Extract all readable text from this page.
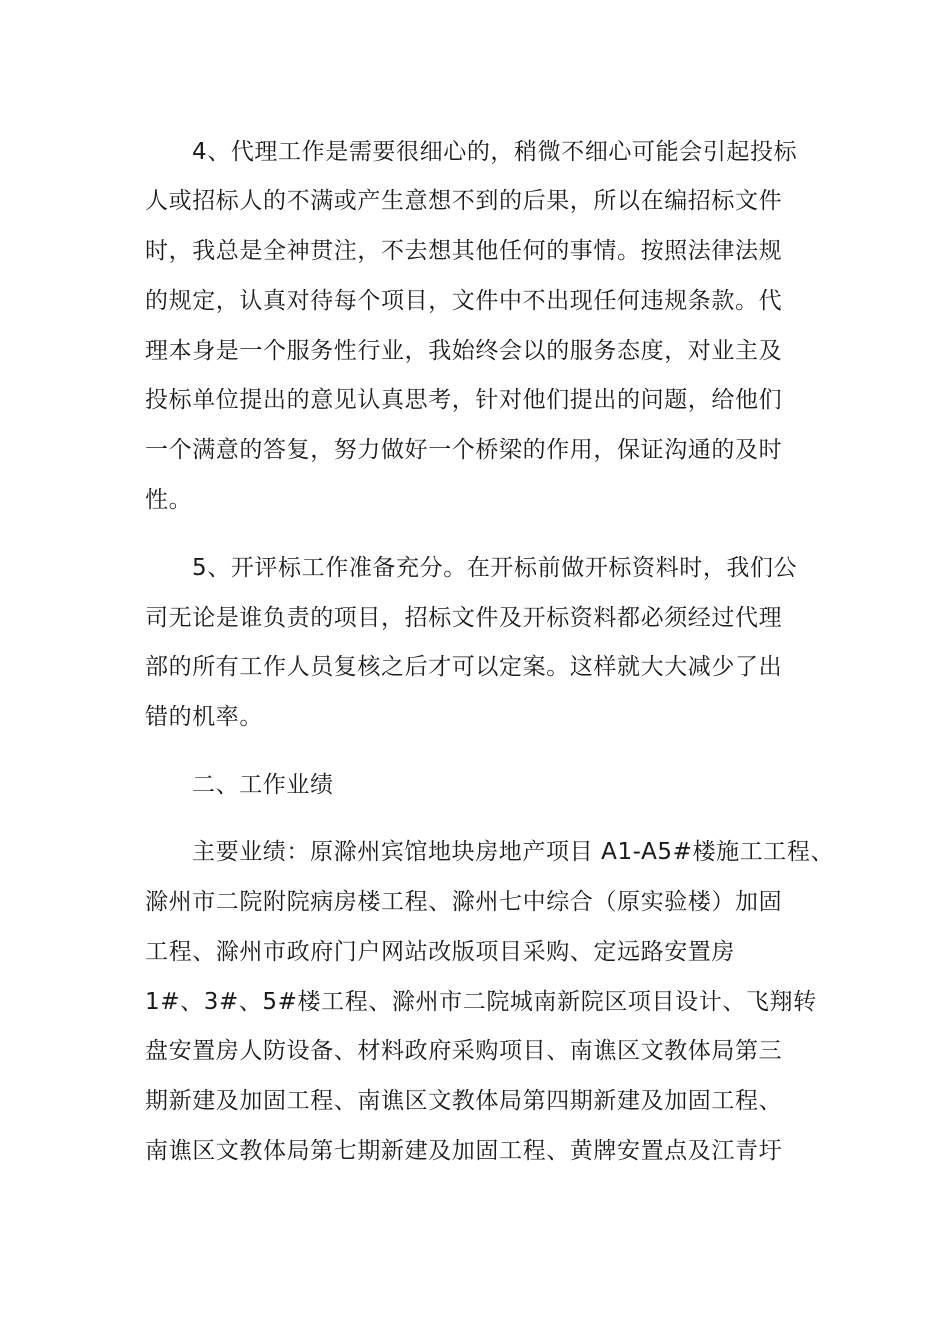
4、代理工作是需要很细心的，稍微不细心可能会引起投标
人或招标人的不满或产生意想不到的后果，所以在编招标文件
时，我总是全神贯注，不去想其他任何的事情。按照法律法规
的规定，认真对待每个项目，文件中不出现任何违规条款。代
理本身是一个服务性行业，我始终会以的服务态度，对业主及
投标单位提出的意见认真思考，针对他们提出的问题，给他们
一个满意的答复，努力做好一个桥梁的作用，保证沟通的及时
性。
5、开评标工作准备充分。在开标前做开标资料时，我们公
司无论是谁负责的项目，招标文件及开标资料都必须经过代理
部的所有工作人员复核之后才可以定案。这样就大大减少了出
错的机率。
二、工作业绩
主要业绩：原滁州宾馆地块房地产项目 A1-A5#楼施工工程、
滁州市二院附院病房楼工程、滁州七中综合（原实验楼）加固
工程、滁州市政府门户网站改版项目采购、定远路安置房
1#、3#、5#楼工程、滁州市二院城南新院区项目设计、飞翔转
盘安置房人防设备、材料政府采购项目、南谯区文教体局第三
期新建及加固工程、南谯区文教体局第四期新建及加固工程、
南谯区文教体局第七期新建及加固工程、黄牌安置点及江青圩
